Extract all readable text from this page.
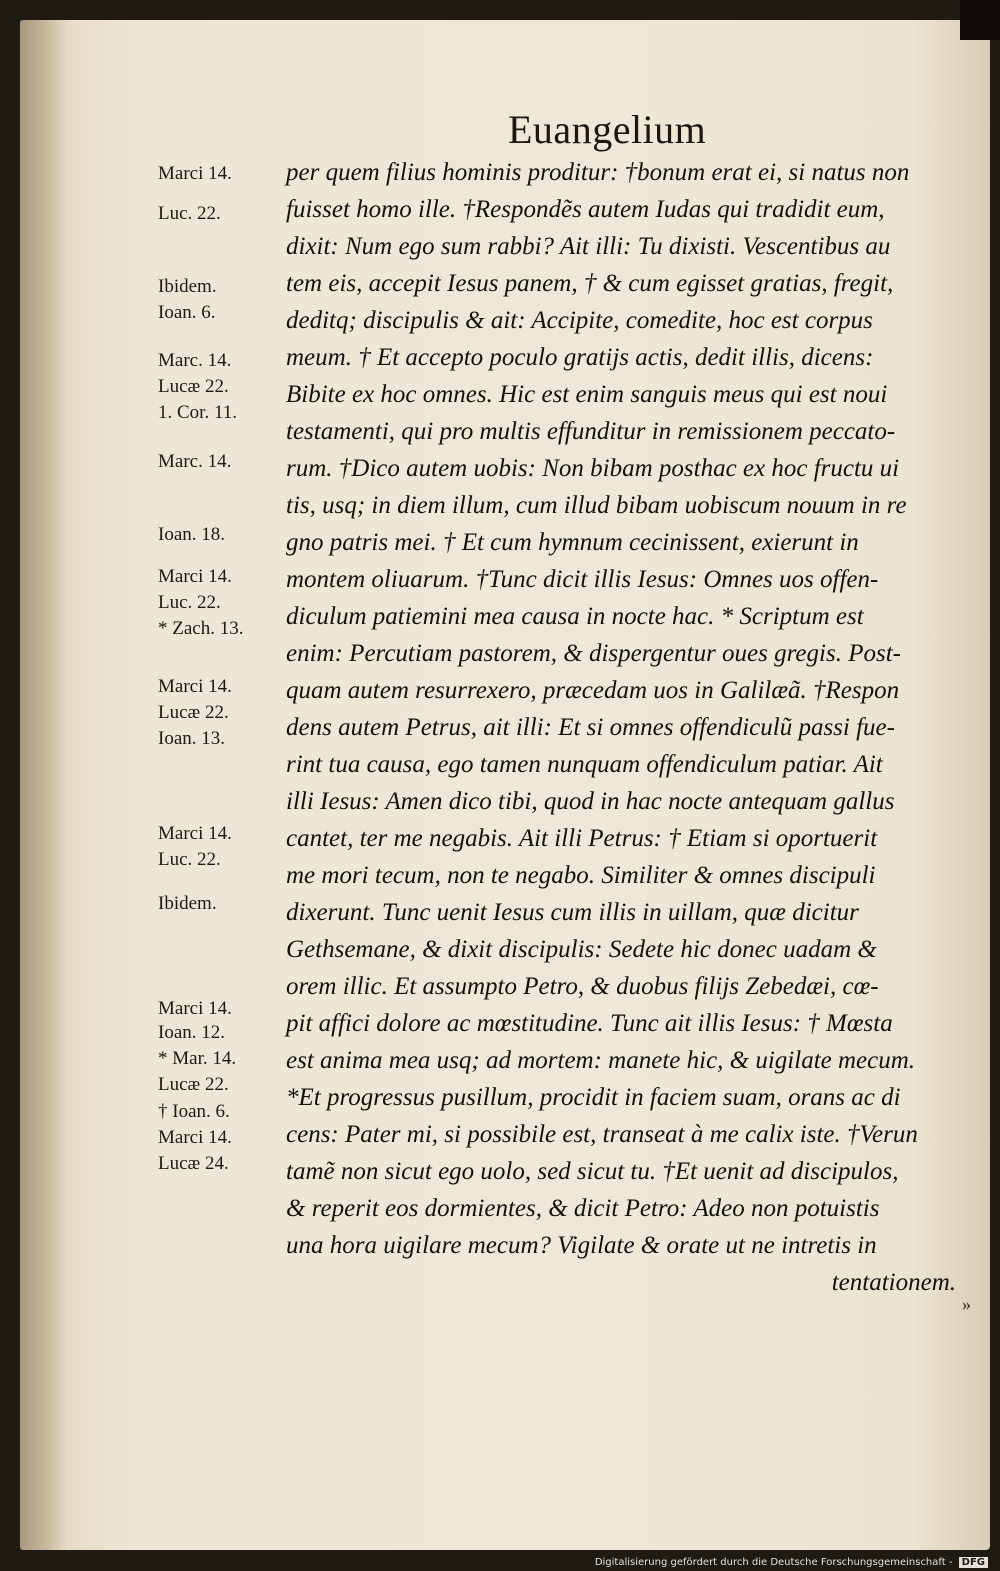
Euangelium
per quem filius hominis proditur: †bonum erat ei, si natus non
fuisset homo ille. †Respondẽs autem Iudas qui tradidit eum,
dixit: Num ego sum rabbi? Ait illi: Tu dixisti. Vescentibus au
tem eis, accepit Iesus panem, † & cum egisset gratias, fregit,
deditq; discipulis & ait: Accipite, comedite, hoc est corpus
meum. † Et accepto poculo gratijs actis, dedit illis, dicens:
Bibite ex hoc omnes. Hic est enim sanguis meus qui est noui
testamenti, qui pro multis effunditur in remissionem peccato-
rum. †Dico autem uobis: Non bibam posthac ex hoc fructu ui
tis, usq; in diem illum, cum illud bibam uobiscum nouum in re
gno patris mei. † Et cum hymnum cecinissent, exierunt in
montem oliuarum. †Tunc dicit illis Iesus: Omnes uos offen-
diculum patiemini mea causa in nocte hac. * Scriptum est
enim: Percutiam pastorem, & dispergentur oues gregis. Post-
quam autem resurrexero, præcedam uos in Galilæã. †Respon
dens autem Petrus, ait illi: Et si omnes offendiculũ passi fue-
rint tua causa, ego tamen nunquam offendiculum patiar. Ait
illi Iesus: Amen dico tibi, quod in hac nocte antequam gallus
cantet, ter me negabis. Ait illi Petrus: † Etiam si oportuerit
me mori tecum, non te negabo. Similiter & omnes discipuli
dixerunt. Tunc uenit Iesus cum illis in uillam, quæ dicitur
Gethsemane, & dixit discipulis: Sedete hic donec uadam &
orem illic. Et assumpto Petro, & duobus filijs Zebedæi, cœ-
pit affici dolore ac mœstitudine. Tunc ait illis Iesus: † Mœsta
est anima mea usq; ad mortem: manete hic, & uigilate mecum.
*Et progressus pusillum, procidit in faciem suam, orans ac di
cens: Pater mi, si possibile est, transeat à me calix iste. †Verun
tamẽ non sicut ego uolo, sed sicut tu. †Et uenit ad discipulos,
& reperit eos dormientes, & dicit Petro: Adeo non potuistis
una hora uigilare mecum? Vigilate & orate ut ne intretis in
tentationem.
Marci 14.
Luc. 22.
Ibidem.
Ioan. 6.
Marc. 14.
Lucæ 22.
1. Cor. 11.
Marc. 14.
Ioan. 18.
Marci 14.
Luc. 22.
* Zach. 13.
Marci 14.
Lucæ 22.
Ioan. 13.
Marci 14.
Luc. 22.
Ibidem.
Marci 14.
Ioan. 12.
* Mar. 14.
Lucæ 22.
† Ioan. 6.
Marci 14.
Lucæ 24.
»
Digitalisierung gefördert durch die Deutsche Forschungsgemeinschaft - DFG
